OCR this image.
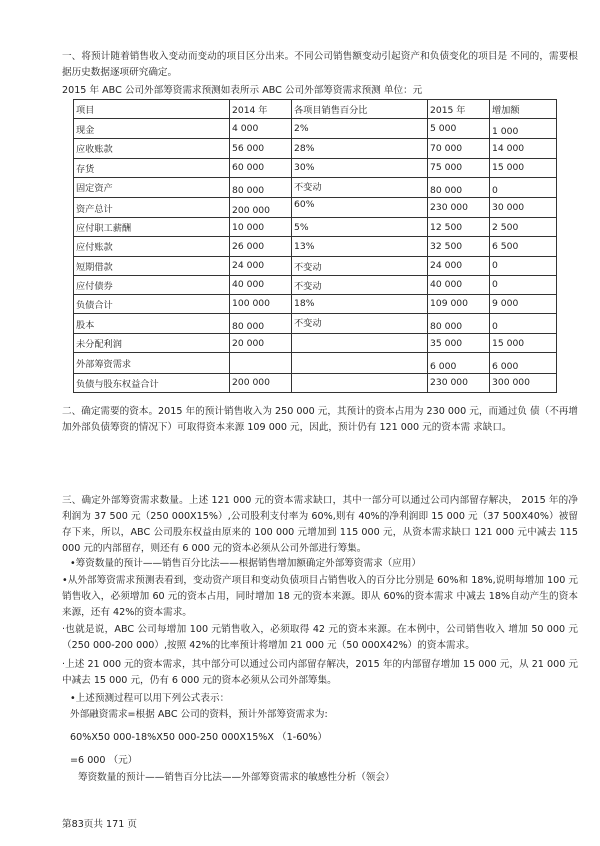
一、将预计随着销售收入变动而变动的项目区分出来。不同公司销售额变动引起资产和负债变化的项目是 不同的，需要根据历史数据逐项研究确定。
2015 年 ABC 公司外部筹资需求预测如表所示 ABC 公司外部筹资需求预测 单位：元
项目	2014 年	各项目销售百分比	2015 年	增加额
现金	4 000	2%	5 000	1 000
应收账款	56 000	28%	70 000	14 000
存货	60 000	30%	75 000	15 000
固定资产	80 000	不变动	80 000	0
资产总计	200 000	60%	230 000	30 000
应付职工薪酬	10 000	5%	12 500	2 500
应付账款	26 000	13%	32 500	6 500
短期借款	24 000	不变动	24 000	0
应付债券	40 000	不变动	40 000	0
负债合计	100 000	18%	109 000	9 000
股本	80 000	不变动	80 000	0
未分配利润	20 000		35 000	15 000
外部筹资需求			6 000	6 000
负债与股东权益合计	200 000		230 000	300 000
二、确定需要的资本。2015 年的预计销售收入为 250 000 元，其预计的资本占用为 230 000 元，而通过负 债（不再增加外部负债筹资的情况下）可取得资本来源 109 000 元，因此，预计仍有 121 000 元的资本需 求缺口。
三、确定外部筹资需求数量。上述 121 000 元的资本需求缺口，其中一部分可以通过公司内部留存解决， 2015 年的净利润为 37 500 元（250 000X15%）,公司股利支付率为 60%,则有 40%的净利润即 15 000 元（37 500X40%）被留存下来，所以，ABC 公司股东权益由原来的 100 000 元增加到 115 000 元，从资本需求缺口 121 000 元中减去 115 000 元的内部留存，则还有 6 000 元的资本必须从公司外部进行筹集。
•筹资数量的预计——销售百分比法——根据销售增加额确定外部筹资需求（应用）
•从外部筹资需求预测表看到，变动资产项目和变动负债项目占销售收入的百分比分别是 60%和 18%,说明每增加 100 元销售收入，必须增加 60 元的资本占用，同时增加 18 元的资本来源。即从 60%的资本需求 中减去 18%自动产生的资本来源，还有 42%的资本需求。
·也就是说，ABC 公司每增加 100 元销售收入，必须取得 42 元的资本来源。在本例中，公司销售收入 增加 50 000 元（250 000-200 000）,按照 42%的比率预计将增加 21 000 元（50 000X42%）的资本需求。
·上述 21 000 元的资本需求，其中部分可以通过公司内部留存解决，2015 年的内部留存增加 15 000 元，从 21 000 元中减去 15 000 元，仍有 6 000 元的资本必须从公司外部筹集。
•上述预测过程可以用下列公式表示：
外部融资需求=根据 ABC 公司的资料，预计外部筹资需求为:
60%X50 000-18%X50 000-250 000X15%X （1-60%）
=6 000 （元）
筹资数量的预计——销售百分比法——外部筹资需求的敏感性分析（领会）
第83页共 171 页
